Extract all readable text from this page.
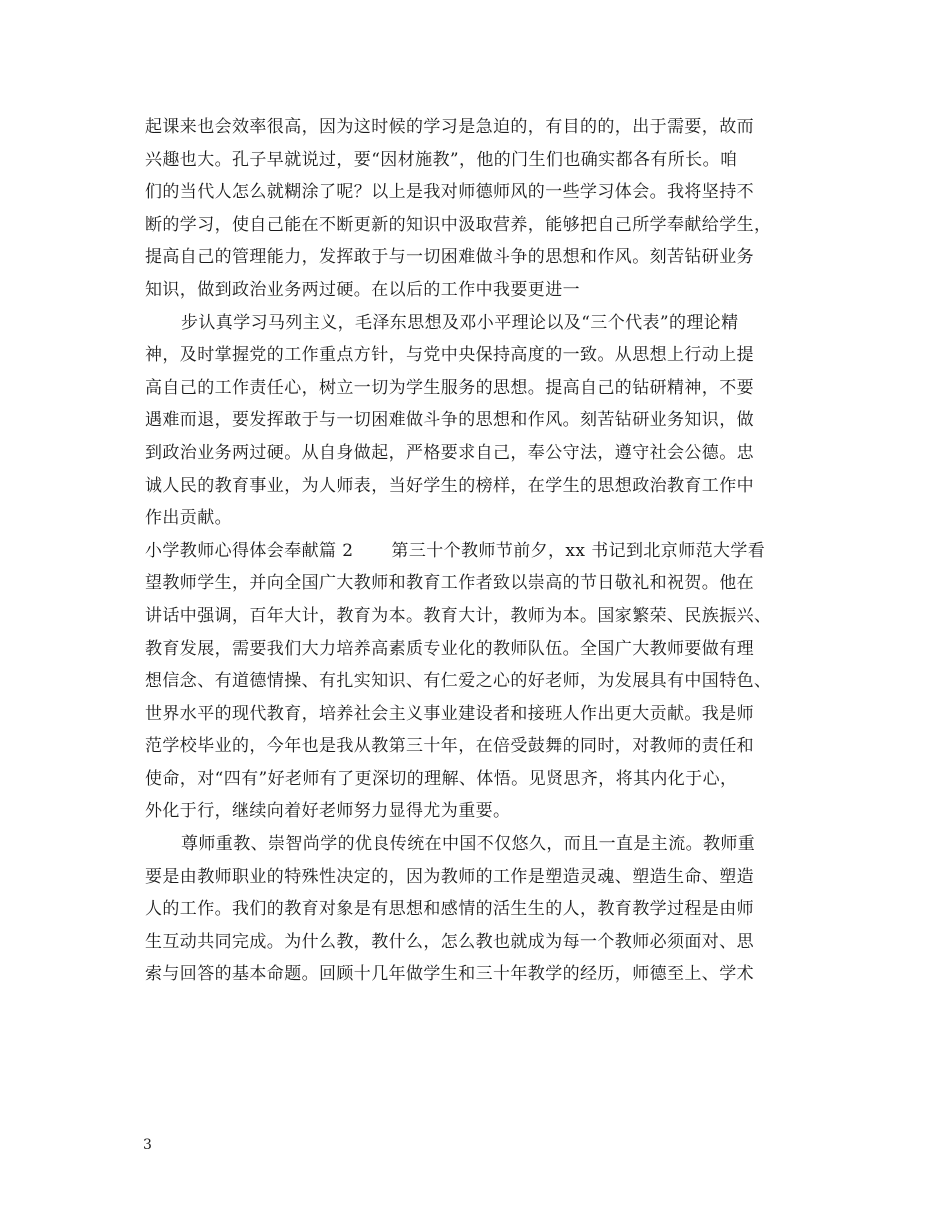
起课来也会效率很高，因为这时候的学习是急迫的，有目的的，出于需要，故而
兴趣也大。孔子早就说过，要“因材施教”，他的门生们也确实都各有所长。咱
们的当代人怎么就糊涂了呢？以上是我对师德师风的一些学习体会。我将坚持不
断的学习，使自己能在不断更新的知识中汲取营养，能够把自己所学奉献给学生，
提高自己的管理能力，发挥敢于与一切困难做斗争的思想和作风。刻苦钻研业务
知识，做到政治业务两过硬。在以后的工作中我要更进一
步认真学习马列主义，毛泽东思想及邓小平理论以及“三个代表”的理论精
神，及时掌握党的工作重点方针，与党中央保持高度的一致。从思想上行动上提
高自己的工作责任心，树立一切为学生服务的思想。提高自己的钻研精神，不要
遇难而退，要发挥敢于与一切困难做斗争的思想和作风。刻苦钻研业务知识，做
到政治业务两过硬。从自身做起，严格要求自己，奉公守法，遵守社会公德。忠
诚人民的教育事业，为人师表，当好学生的榜样，在学生的思想政治教育工作中
作出贡献。
小学教师心得体会奉献篇 2 第三十个教师节前夕，xx 书记到北京师范大学看
望教师学生，并向全国广大教师和教育工作者致以崇高的节日敬礼和祝贺。他在
讲话中强调，百年大计，教育为本。教育大计，教师为本。国家繁荣、民族振兴、
教育发展，需要我们大力培养高素质专业化的教师队伍。全国广大教师要做有理
想信念、有道德情操、有扎实知识、有仁爱之心的好老师，为发展具有中国特色、
世界水平的现代教育，培养社会主义事业建设者和接班人作出更大贡献。我是师
范学校毕业的，今年也是我从教第三十年，在倍受鼓舞的同时，对教师的责任和
使命，对“四有”好老师有了更深切的理解、体悟。见贤思齐，将其内化于心，
外化于行，继续向着好老师努力显得尤为重要。
尊师重教、崇智尚学的优良传统在中国不仅悠久，而且一直是主流。教师重
要是由教师职业的特殊性决定的，因为教师的工作是塑造灵魂、塑造生命、塑造
人的工作。我们的教育对象是有思想和感情的活生生的人，教育教学过程是由师
生互动共同完成。为什么教，教什么，怎么教也就成为每一个教师必须面对、思
索与回答的基本命题。回顾十几年做学生和三十年教学的经历，师德至上、学术
3
